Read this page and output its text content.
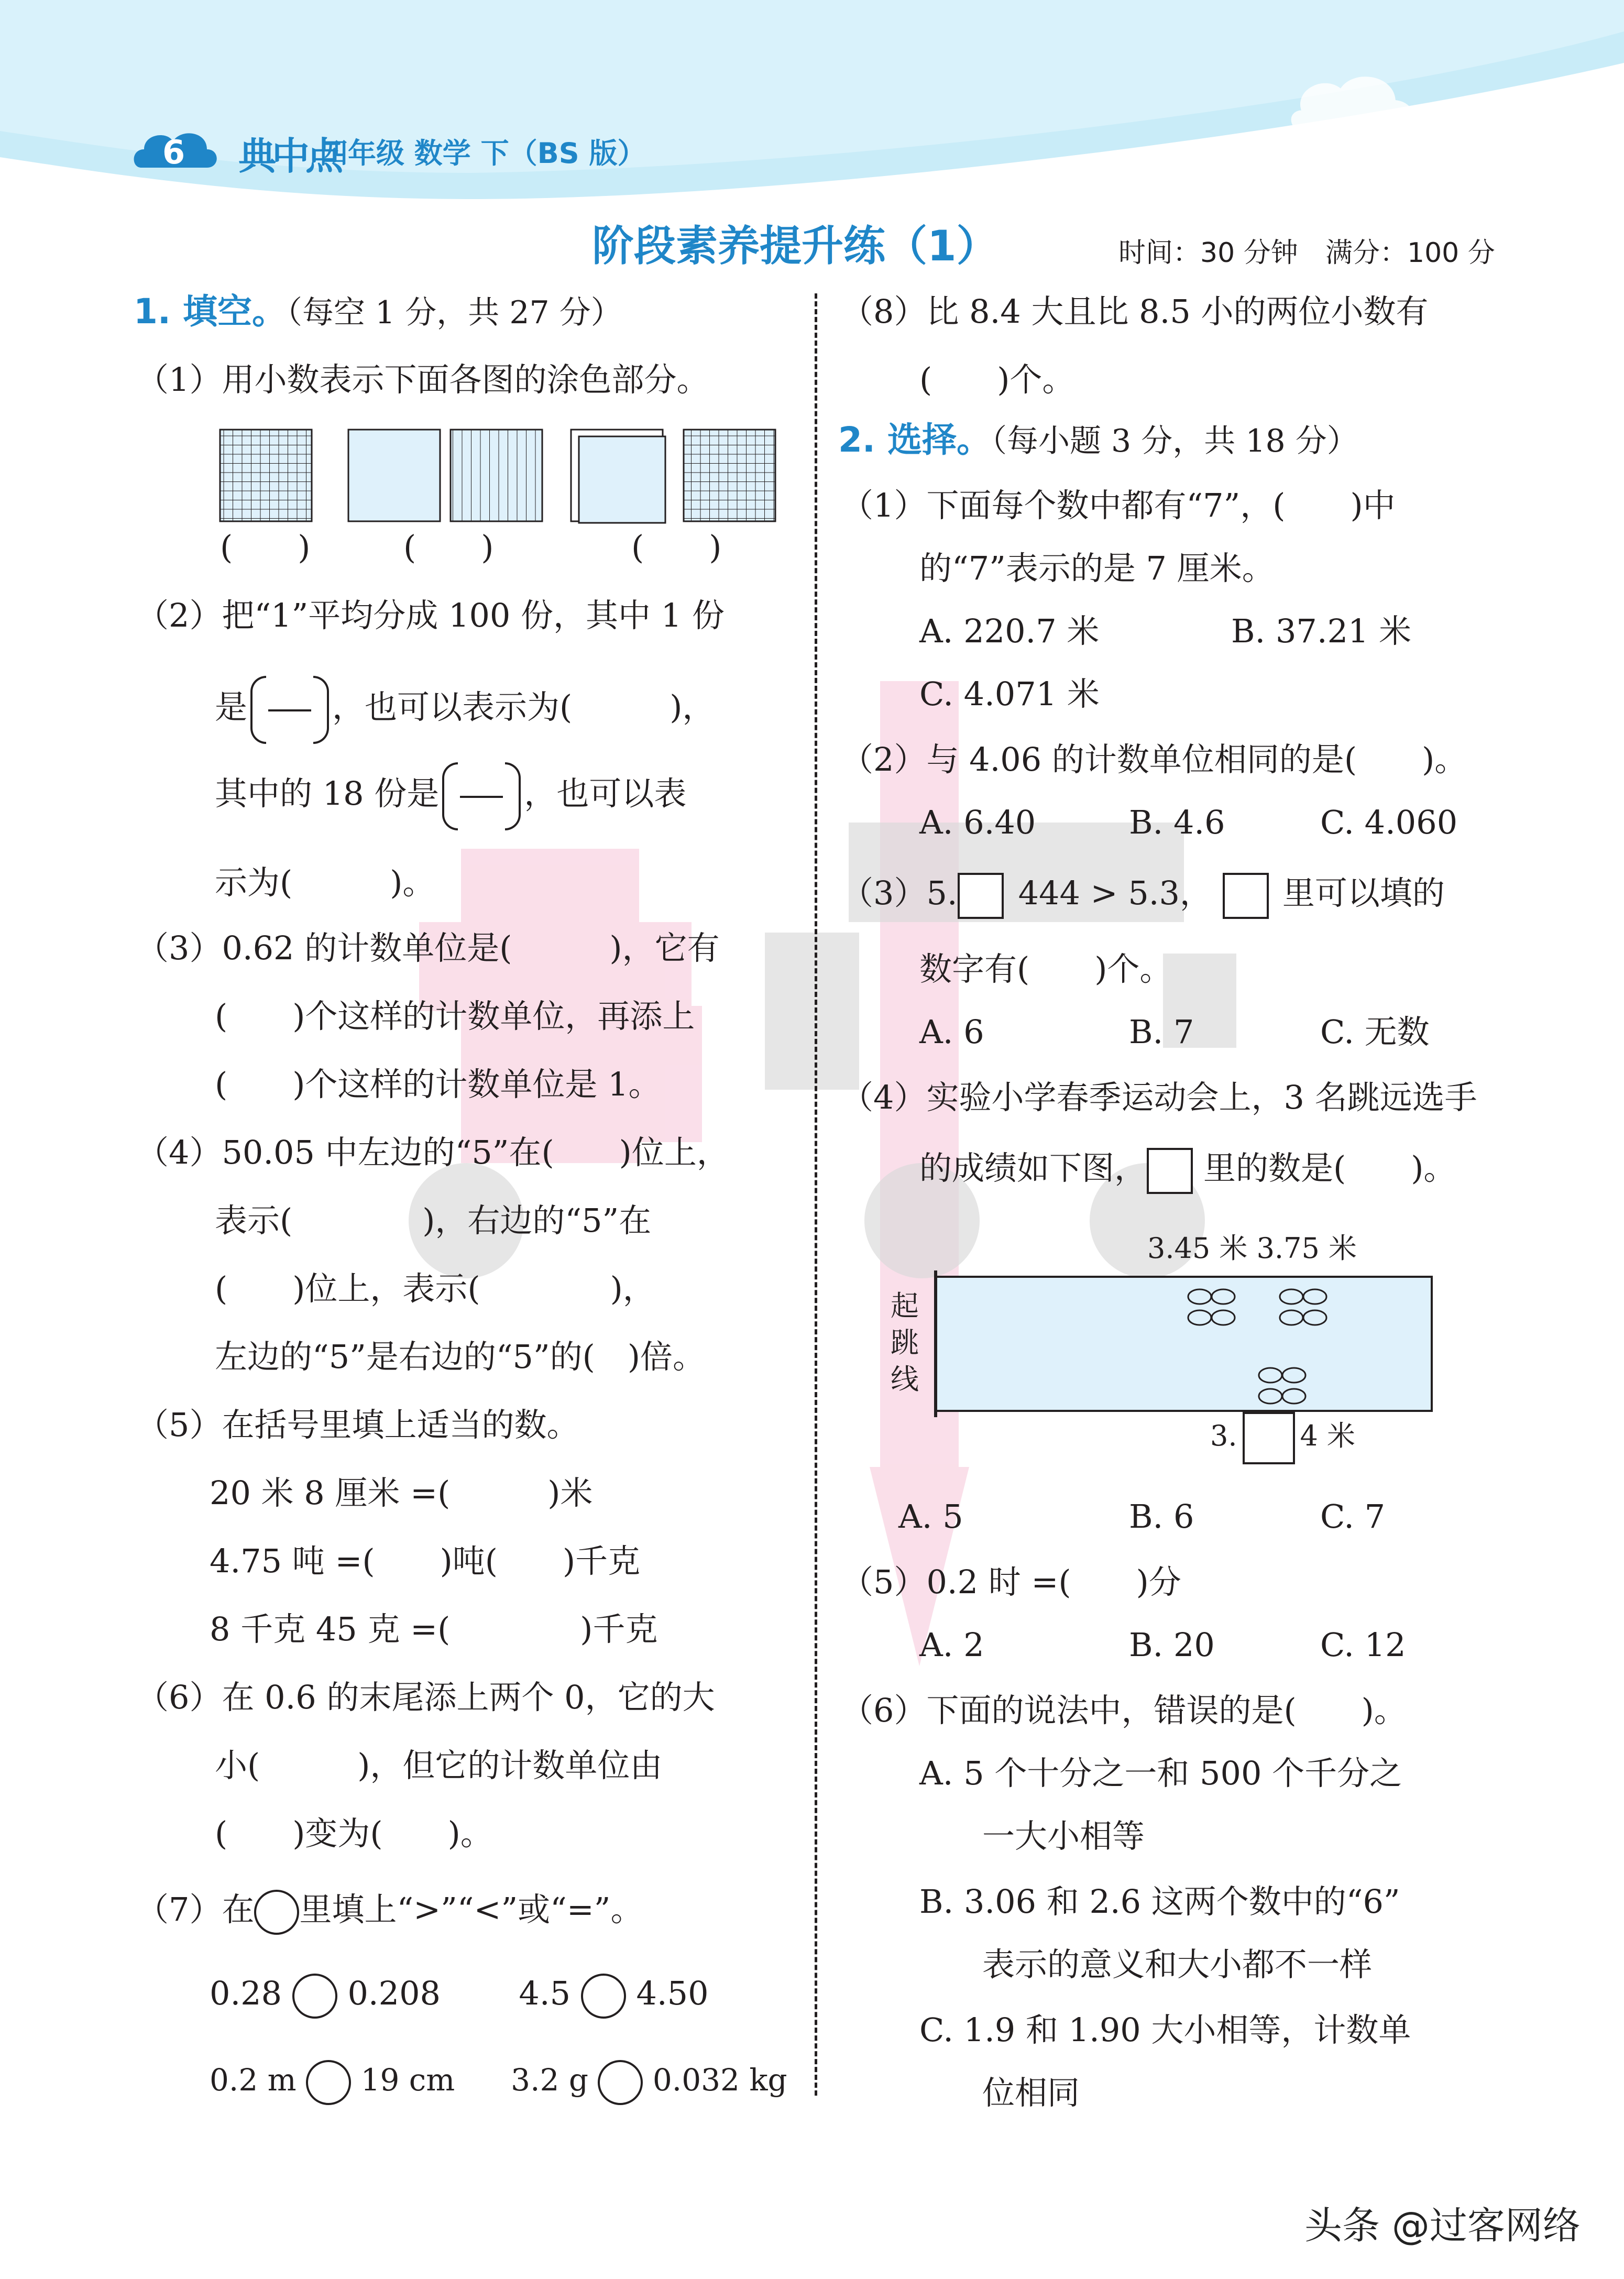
6 典中点
四年级 数学 下（BS 版）
阶段素养提升练（1）	时间：30 分钟 满分：100 分
1. 填空。（每空 1 分，共 27 分）
（1）用小数表示下面各图的涂色部分。
(　　)	(　　)	(　　)
（2）把“1”平均分成 100 份，其中 1 份
是	，也可以表示为(　　　)，
其中的 18 份是	，也可以表
示为(　　　)。
（3）0.62 的计数单位是(　　　)，它有
(　　)个这样的计数单位，再添上
(　　)个这样的计数单位是 1。
（4）50.05 中左边的“5”在(　　)位上，
表示(　　　　)，右边的“5”在
(　　)位上，表示(　　　　)，
左边的“5”是右边的“5”的(　)倍。
（5）在括号里填上适当的数。
20 米 8 厘米 =(　　　)米
4.75 吨 =(　　)吨(　　)千克
8 千克 45 克 =(　　　　)千克
（6）在 0.6 的末尾添上两个 0，它的大
小(　　　)，但它的计数单位由
(　　)变为(　　)。
（7）在 里填上“>”“<”或“=”。
0.28 0.208 4.5 4.50
0.2 m 19 cm 3.2 g 0.032 kg
（8）比 8.4 大且比 8.5 小的两位小数有
(　　)个。
2. 选择。（每小题 3 分，共 18 分）
（1）下面每个数中都有“7”，(　　)中
的“7”表示的是 7 厘米。
A. 220.7 米	B. 37.21 米
C. 4.071 米
（2）与 4.06 的计数单位相同的是(　　)。
A. 6.40	B. 4.6	C. 4.060
（3）5. 444 > 5.3， 里可以填的
数字有(　　)个。
A. 6	B. 7	C. 无数
（4）实验小学春季运动会上，3 名跳远选手
的成绩如下图， 里的数是(　　)。
3.45 米 3.75 米
起
跳
线
3. 4 米
A. 5	B. 6	C. 7
（5）0.2 时 =(　　)分
A. 2	B. 20	C. 12
（6）下面的说法中，错误的是(　　)。
A. 5 个十分之一和 500 个千分之
一大小相等
B. 3.06 和 2.6 这两个数中的“6”
表示的意义和大小都不一样
C. 1.9 和 1.90 大小相等，计数单
位相同
头条 @过客网络
